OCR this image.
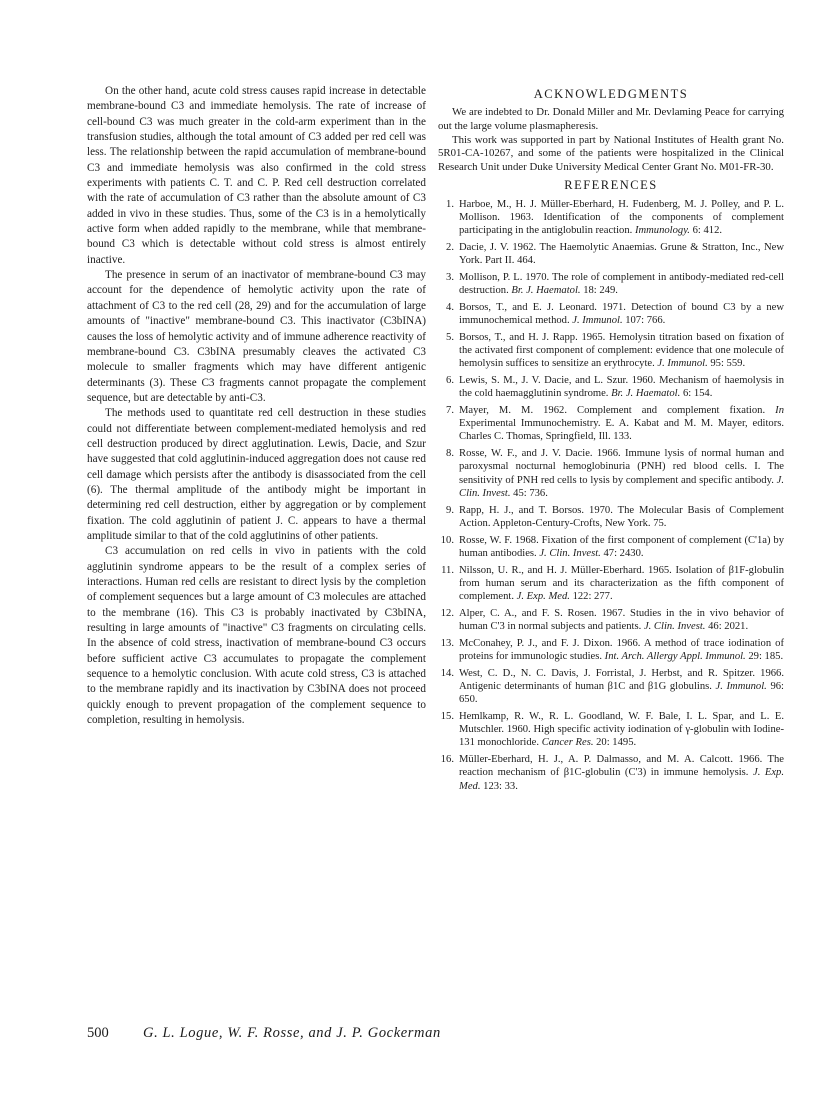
On the other hand, acute cold stress causes rapid increase in detectable membrane-bound C3 and immediate hemolysis. The rate of increase of cell-bound C3 was much greater in the cold-arm experiment than in the transfusion studies, although the total amount of C3 added per red cell was less. The relationship between the rapid accumulation of membrane-bound C3 and immediate hemolysis was also confirmed in the cold stress experiments with patients C. T. and C. P. Red cell destruction correlated with the rate of accumulation of C3 rather than the absolute amount of C3 added in vivo in these studies. Thus, some of the C3 is in a hemolytically active form when added rapidly to the membrane, while that membrane-bound C3 which is detectable without cold stress is almost entirely inactive.

The presence in serum of an inactivator of membrane-bound C3 may account for the dependence of hemolytic activity upon the rate of attachment of C3 to the red cell (28, 29) and for the accumulation of large amounts of "inactive" membrane-bound C3. This inactivator (C3bINA) causes the loss of hemolytic activity and of immune adherence reactivity of membrane-bound C3. C3bINA presumably cleaves the activated C3 molecule to smaller fragments which may have different antigenic determinants (3). These C3 fragments cannot propagate the complement sequence, but are detectable by anti-C3.

The methods used to quantitate red cell destruction in these studies could not differentiate between complement-mediated hemolysis and red cell destruction produced by direct agglutination. Lewis, Dacie, and Szur have suggested that cold agglutinin-induced aggregation does not cause red cell damage which persists after the antibody is disassociated from the cell (6). The thermal amplitude of the antibody might be important in determining red cell destruction, either by aggregation or by complement fixation. The cold agglutinin of patient J. C. appears to have a thermal amplitude similar to that of the cold agglutinins of other patients.

C3 accumulation on red cells in vivo in patients with the cold agglutinin syndrome appears to be the result of a complex series of interactions. Human red cells are resistant to direct lysis by the completion of complement sequences but a large amount of C3 molecules are attached to the membrane (16). This C3 is probably inactivated by C3bINA, resulting in large amounts of "inactive" C3 fragments on circulating cells. In the absence of cold stress, inactivation of membrane-bound C3 occurs before sufficient active C3 accumulates to propagate the complement sequence to a hemolytic conclusion. With acute cold stress, C3 is attached to the membrane rapidly and its inactivation by C3bINA does not proceed quickly enough to prevent propagation of the complement sequence to completion, resulting in hemolysis.

ACKNOWLEDGMENTS

We are indebted to Dr. Donald Miller and Mr. Devlaming Peace for carrying out the large volume plasmapheresis.

This work was supported in part by National Institutes of Health grant No. 5R01-CA-10267, and some of the patients were hospitalized in the Clinical Research Unit under Duke University Medical Center Grant No. M01-FR-30.

REFERENCES
1. Harboe, M., H. J. Müller-Eberhard, H. Fudenberg, M. J. Polley, and P. L. Mollison. 1963. Identification of the components of complement participating in the antiglobulin reaction. Immunology. 6: 412.
2. Dacie, J. V. 1962. The Haemolytic Anaemias. Grune & Stratton, Inc., New York. Part II. 464.
3. Mollison, P. L. 1970. The role of complement in antibody-mediated red-cell destruction. Br. J. Haematol. 18: 249.
4. Borsos, T., and E. J. Leonard. 1971. Detection of bound C3 by a new immunochemical method. J. Immunol. 107: 766.
5. Borsos, T., and H. J. Rapp. 1965. Hemolysin titration based on fixation of the activated first component of complement: evidence that one molecule of hemolysin suffices to sensitize an erythrocyte. J. Immunol. 95: 559.
6. Lewis, S. M., J. V. Dacie, and L. Szur. 1960. Mechanism of haemolysis in the cold haemagglutinin syndrome. Br. J. Haematol. 6: 154.
7. Mayer, M. M. 1962. Complement and complement fixation. In Experimental Immunochemistry. E. A. Kabat and M. M. Mayer, editors. Charles C. Thomas, Springfield, Ill. 133.
8. Rosse, W. F., and J. V. Dacie. 1966. Immune lysis of normal human and paroxysmal nocturnal hemoglobinuria (PNH) red blood cells. I. The sensitivity of PNH red cells to lysis by complement and specific antibody. J. Clin. Invest. 45: 736.
9. Rapp, H. J., and T. Borsos. 1970. The Molecular Basis of Complement Action. Appleton-Century-Crofts, New York. 75.
10. Rosse, W. F. 1968. Fixation of the first component of complement (C'1a) by human antibodies. J. Clin. Invest. 47: 2430.
11. Nilsson, U. R., and H. J. Müller-Eberhard. 1965. Isolation of β1F-globulin from human serum and its characterization as the fifth component of complement. J. Exp. Med. 122: 277.
12. Alper, C. A., and F. S. Rosen. 1967. Studies in the in vivo behavior of human C'3 in normal subjects and patients. J. Clin. Invest. 46: 2021.
13. McConahey, P. J., and F. J. Dixon. 1966. A method of trace iodination of proteins for immunologic studies. Int. Arch. Allergy Appl. Immunol. 29: 185.
14. West, C. D., N. C. Davis, J. Forristal, J. Herbst, and R. Spitzer. 1966. Antigenic determinants of human β1C and β1G globulins. J. Immunol. 96: 650.
15. Hemlkamp, R. W., R. L. Goodland, W. F. Bale, I. L. Spar, and L. E. Mutschler. 1960. High specific activity iodination of γ-globulin with Iodine-131 monochloride. Cancer Res. 20: 1495.
16. Müller-Eberhard, H. J., A. P. Dalmasso, and M. A. Calcott. 1966. The reaction mechanism of β1C-globulin (C'3) in immune hemolysis. J. Exp. Med. 123: 33.
500 G. L. Logue, W. F. Rosse, and J. P. Gockerman
